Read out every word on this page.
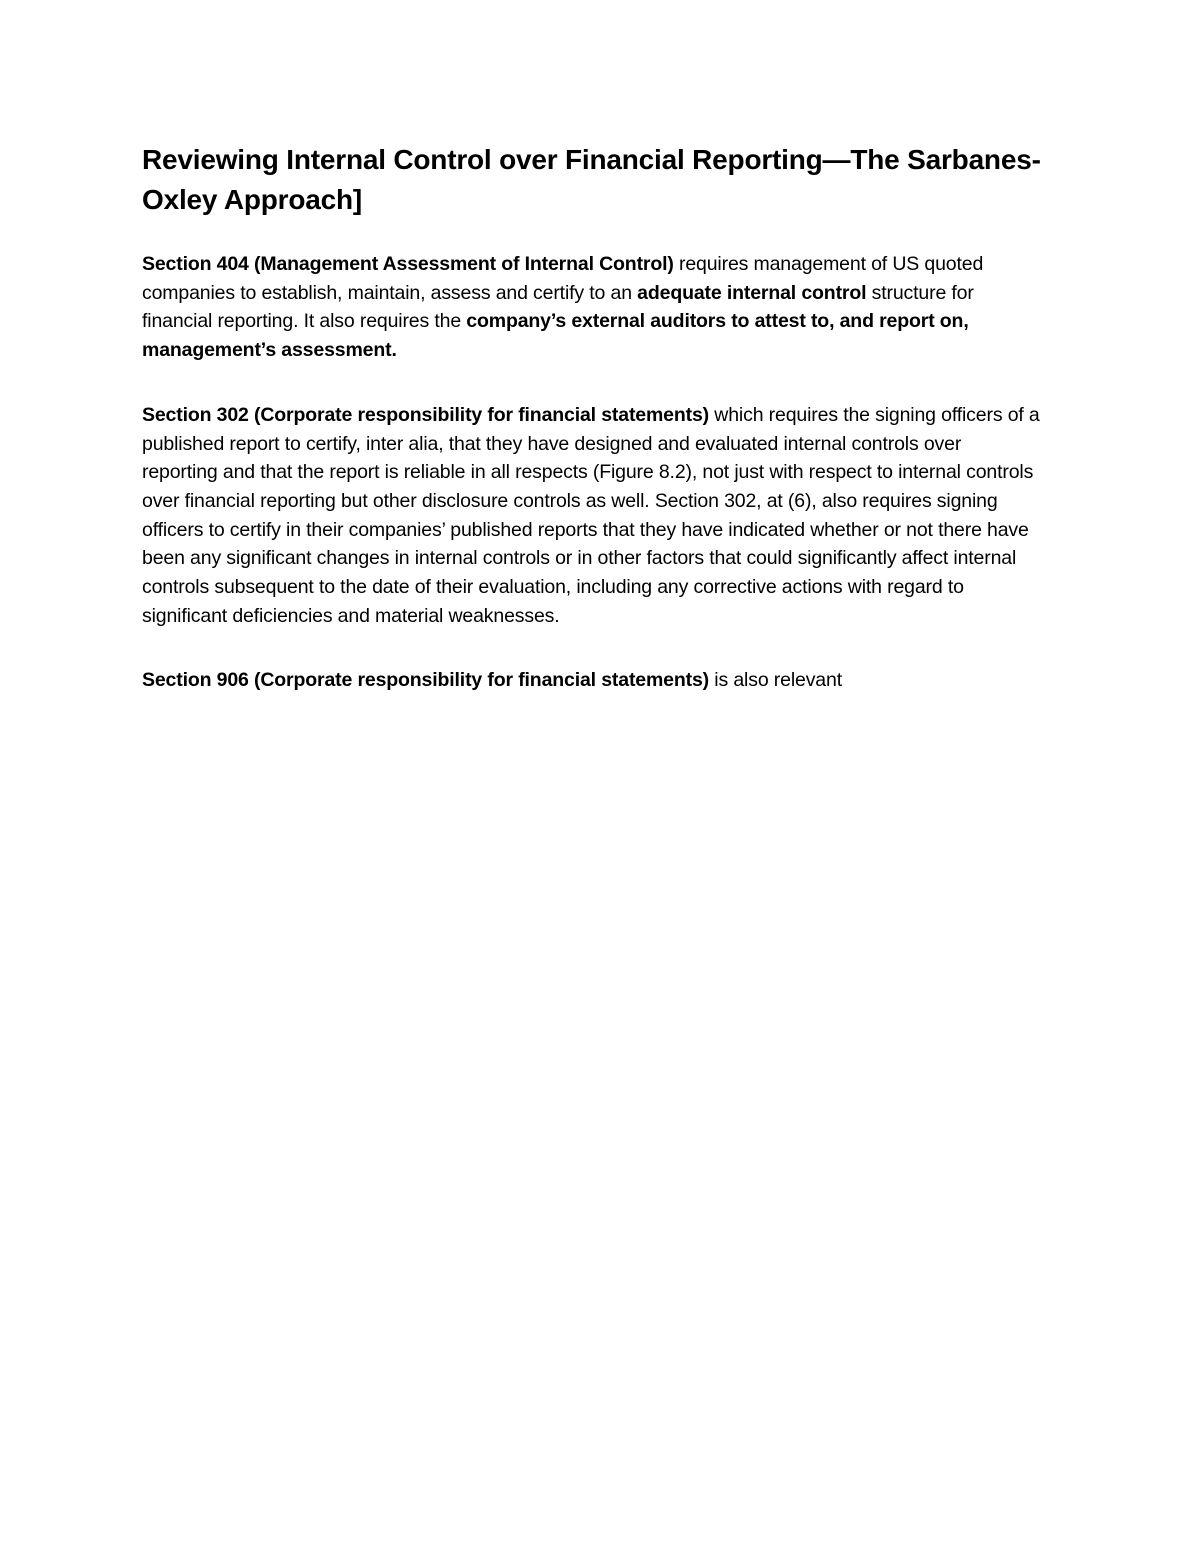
Reviewing Internal Control over Financial Reporting—The Sarbanes-Oxley Approach]

Section 404 (Management Assessment of Internal Control) requires management of US quoted companies to establish, maintain, assess and certify to an adequate internal control structure for financial reporting. It also requires the company’s external auditors to attest to, and report on, management’s assessment.

Section 302 (Corporate responsibility for financial statements) which requires the signing officers of a published report to certify, inter alia, that they have designed and evaluated internal controls over reporting and that the report is reliable in all respects (Figure 8.2), not just with respect to internal controls over financial reporting but other disclosure controls as well. Section 302, at (6), also requires signing officers to certify in their companies’ published reports that they have indicated whether or not there have been any significant changes in internal controls or in other factors that could significantly affect internal controls subsequent to the date of their evaluation, including any corrective actions with regard to significant deficiencies and material weaknesses.

Section 906 (Corporate responsibility for financial statements) is also relevant
